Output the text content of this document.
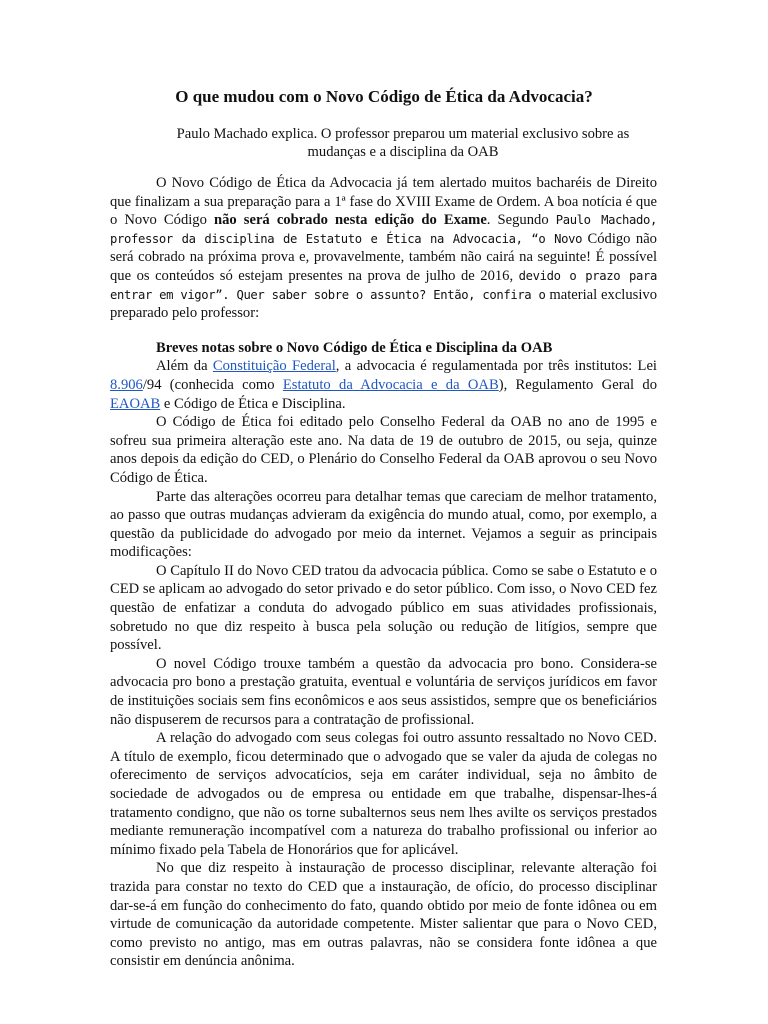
O que mudou com o Novo Código de Ética da Advocacia?
Paulo Machado explica. O professor preparou um material exclusivo sobre as mudanças e a disciplina da OAB

O Novo Código de Ética da Advocacia já tem alertado muitos bacharéis de Direito que finalizam a sua preparação para a 1ª fase do XVIII Exame de Ordem. A boa notícia é que o Novo Código não será cobrado nesta edição do Exame. Segundo Paulo Machado, professor da disciplina de Estatuto e Ética na Advocacia, “o Novo Código não será cobrado na próxima prova e, provavelmente, também não cairá na seguinte! É possível que os conteúdos só estejam presentes na prova de julho de 2016, devido o prazo para entrar em vigor”. Quer saber sobre o assunto? Então, confira o material exclusivo preparado pelo professor:

Breves notas sobre o Novo Código de Ética e Disciplina da OAB

Além da Constituição Federal, a advocacia é regulamentada por três institutos: Lei 8.906/94 (conhecida como Estatuto da Advocacia e da OAB), Regulamento Geral do EAOAB e Código de Ética e Disciplina.

O Código de Ética foi editado pelo Conselho Federal da OAB no ano de 1995 e sofreu sua primeira alteração este ano. Na data de 19 de outubro de 2015, ou seja, quinze anos depois da edição do CED, o Plenário do Conselho Federal da OAB aprovou o seu Novo Código de Ética.

Parte das alterações ocorreu para detalhar temas que careciam de melhor tratamento, ao passo que outras mudanças advieram da exigência do mundo atual, como, por exemplo, a questão da publicidade do advogado por meio da internet. Vejamos a seguir as principais modificações:

O Capítulo II do Novo CED tratou da advocacia pública. Como se sabe o Estatuto e o CED se aplicam ao advogado do setor privado e do setor público. Com isso, o Novo CED fez questão de enfatizar a conduta do advogado público em suas atividades profissionais, sobretudo no que diz respeito à busca pela solução ou redução de litígios, sempre que possível.

O novel Código trouxe também a questão da advocacia pro bono. Considera-se advocacia pro bono a prestação gratuita, eventual e voluntária de serviços jurídicos em favor de instituições sociais sem fins econômicos e aos seus assistidos, sempre que os beneficiários não dispuserem de recursos para a contratação de profissional.

A relação do advogado com seus colegas foi outro assunto ressaltado no Novo CED. A título de exemplo, ficou determinado que o advogado que se valer da ajuda de colegas no oferecimento de serviços advocatícios, seja em caráter individual, seja no âmbito de sociedade de advogados ou de empresa ou entidade em que trabalhe, dispensar-lhes-á tratamento condigno, que não os torne subalternos seus nem lhes avilte os serviços prestados mediante remuneração incompatível com a natureza do trabalho profissional ou inferior ao mínimo fixado pela Tabela de Honorários que for aplicável.

No que diz respeito à instauração de processo disciplinar, relevante alteração foi trazida para constar no texto do CED que a instauração, de ofício, do processo disciplinar dar-se-á em função do conhecimento do fato, quando obtido por meio de fonte idônea ou em virtude de comunicação da autoridade competente. Mister salientar que para o Novo CED, como previsto no antigo, mas em outras palavras, não se considera fonte idônea a que consistir em denúncia anônima.
